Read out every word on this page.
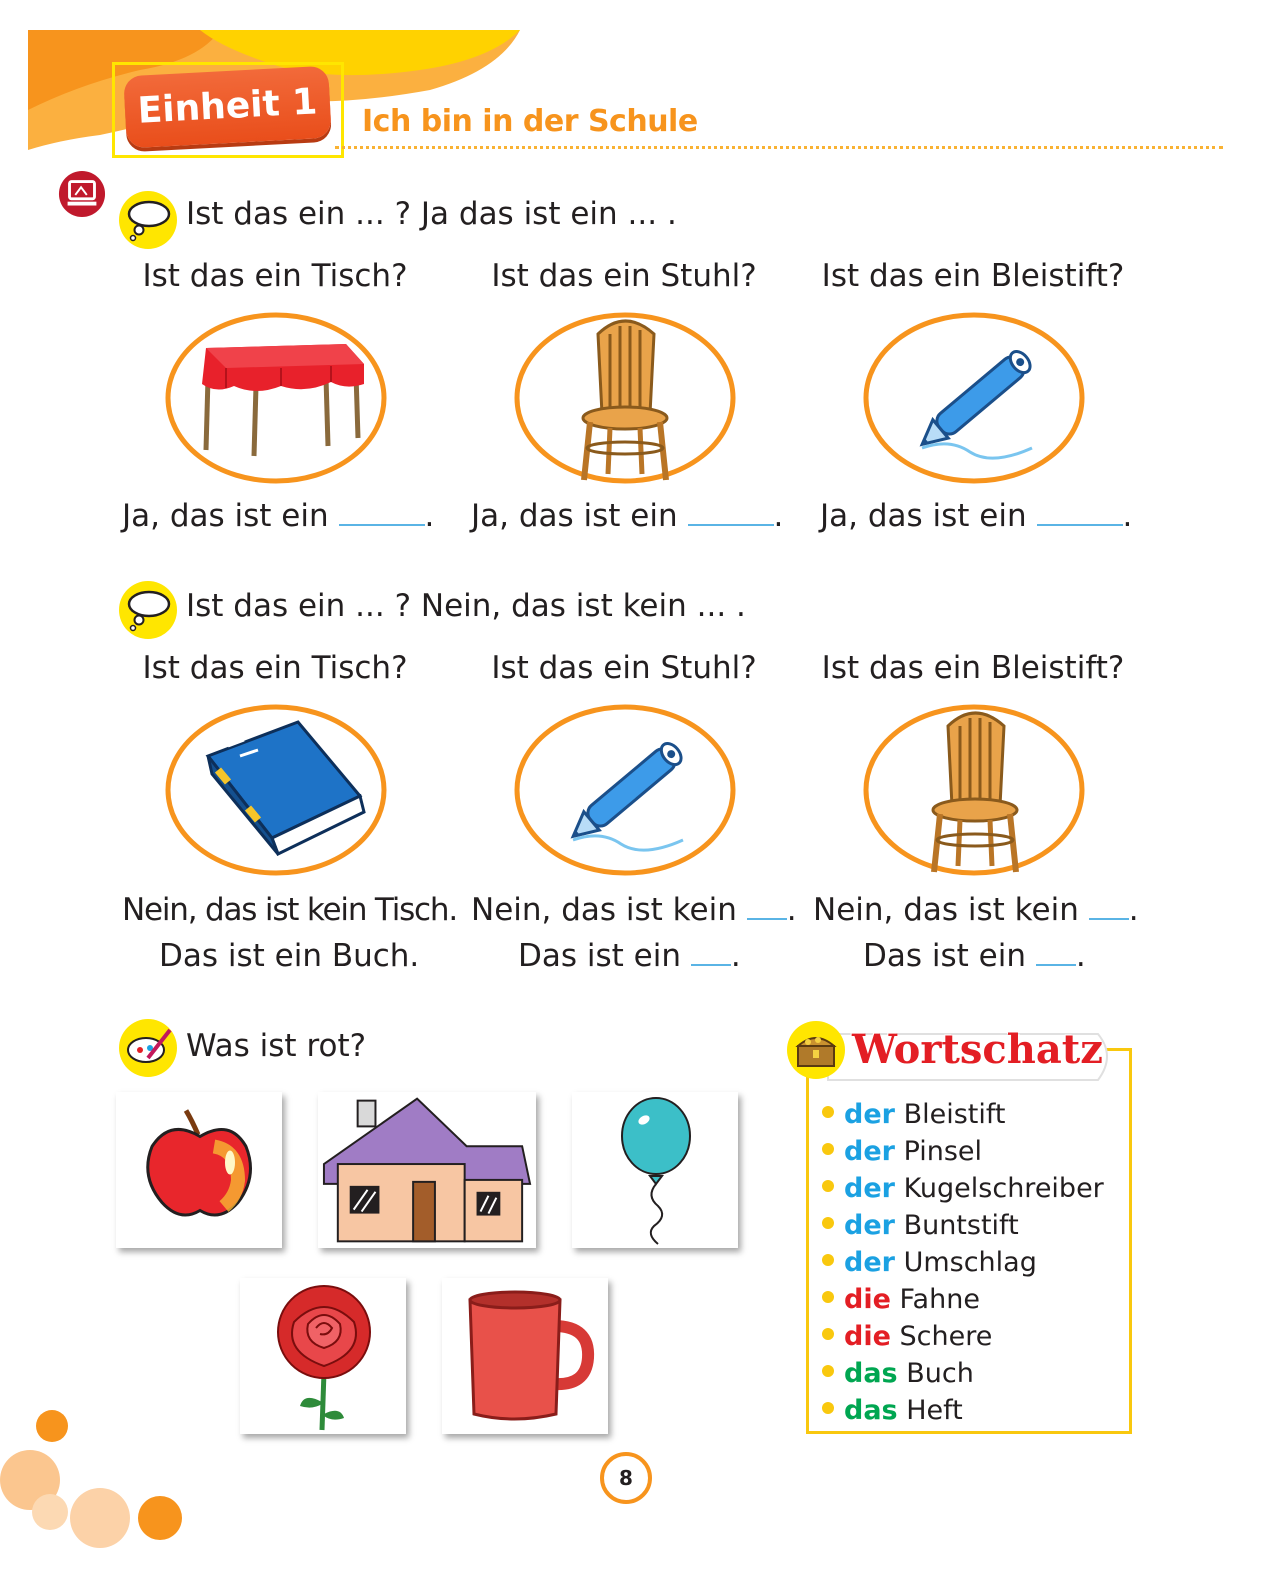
Einheit 1	Ich bin in der Schule
Ist das ein ... ? Ja das ist ein ... .
Ist das ein Tisch?	Ist das ein Stuhl?	Ist das ein Bleistift?
Ja, das ist ein	. Ja, das ist ein	. Ja, das ist ein	.
Ist das ein ... ? Nein, das ist kein ... .
Ist das ein Tisch?	Ist das ein Stuhl?	Ist das ein Bleistift?
Nein, das ist kein Tisch.
Das ist ein Buch.
Nein, das ist kein .
Das ist ein .
Nein, das ist kein .
Das ist ein .
Was ist rot?	Wortschatz
der Bleistift
der Pinsel
der Kugelschreiber
der Buntstift
der Umschlag
die Fahne
die Schere
das Buch
das Heft
8
